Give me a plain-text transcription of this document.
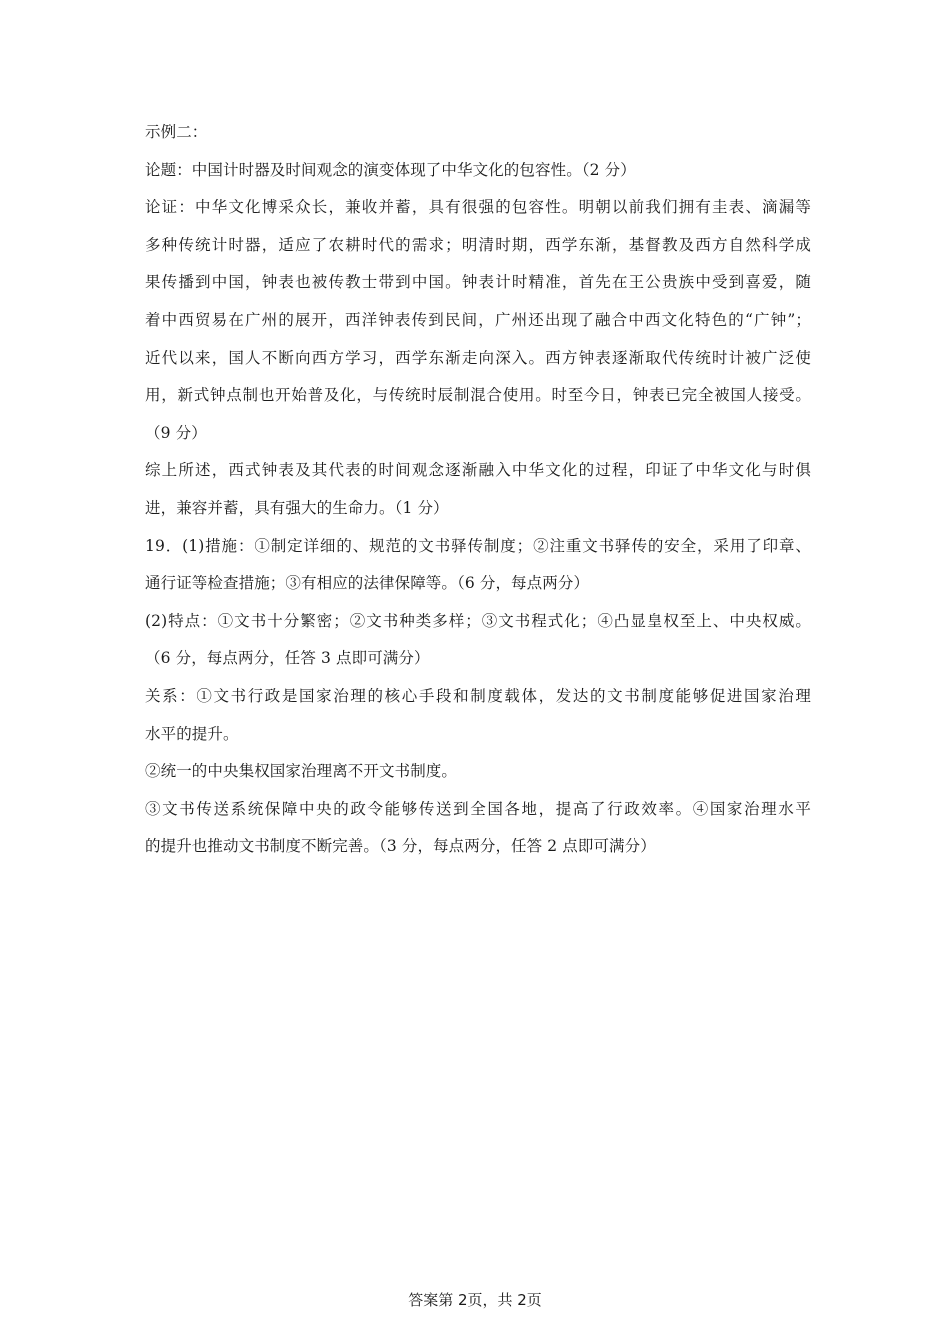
示例二：
论题：中国计时器及时间观念的演变体现了中华文化的包容性。（2 分）
论证：中华文化博采众长，兼收并蓄，具有很强的包容性。明朝以前我们拥有圭表、滴漏等
多种传统计时器，适应了农耕时代的需求；明清时期，西学东渐，基督教及西方自然科学成
果传播到中国，钟表也被传教士带到中国。钟表计时精准，首先在王公贵族中受到喜爱，随
着中西贸易在广州的展开，西洋钟表传到民间，广州还出现了融合中西文化特色的“广钟”；
近代以来，国人不断向西方学习，西学东渐走向深入。西方钟表逐渐取代传统时计被广泛使
用，新式钟点制也开始普及化，与传统时辰制混合使用。时至今日，钟表已完全被国人接受。
（9 分）
综上所述，西式钟表及其代表的时间观念逐渐融入中华文化的过程，印证了中华文化与时俱
进，兼容并蓄，具有强大的生命力。（1 分）
19．(1)措施：①制定详细的、规范的文书驿传制度；②注重文书驿传的安全，采用了印章、
通行证等检查措施；③有相应的法律保障等。（6 分，每点两分）
(2)特点：①文书十分繁密；②文书种类多样；③文书程式化；④凸显皇权至上、中央权威。
（6 分，每点两分，任答 3 点即可满分）
关系：①文书行政是国家治理的核心手段和制度载体，发达的文书制度能够促进国家治理
水平的提升。
②统一的中央集权国家治理离不开文书制度。
③文书传送系统保障中央的政令能够传送到全国各地，提高了行政效率。④国家治理水平
的提升也推动文书制度不断完善。（3 分，每点两分，任答 2 点即可满分）
答案第 2页，共 2页
